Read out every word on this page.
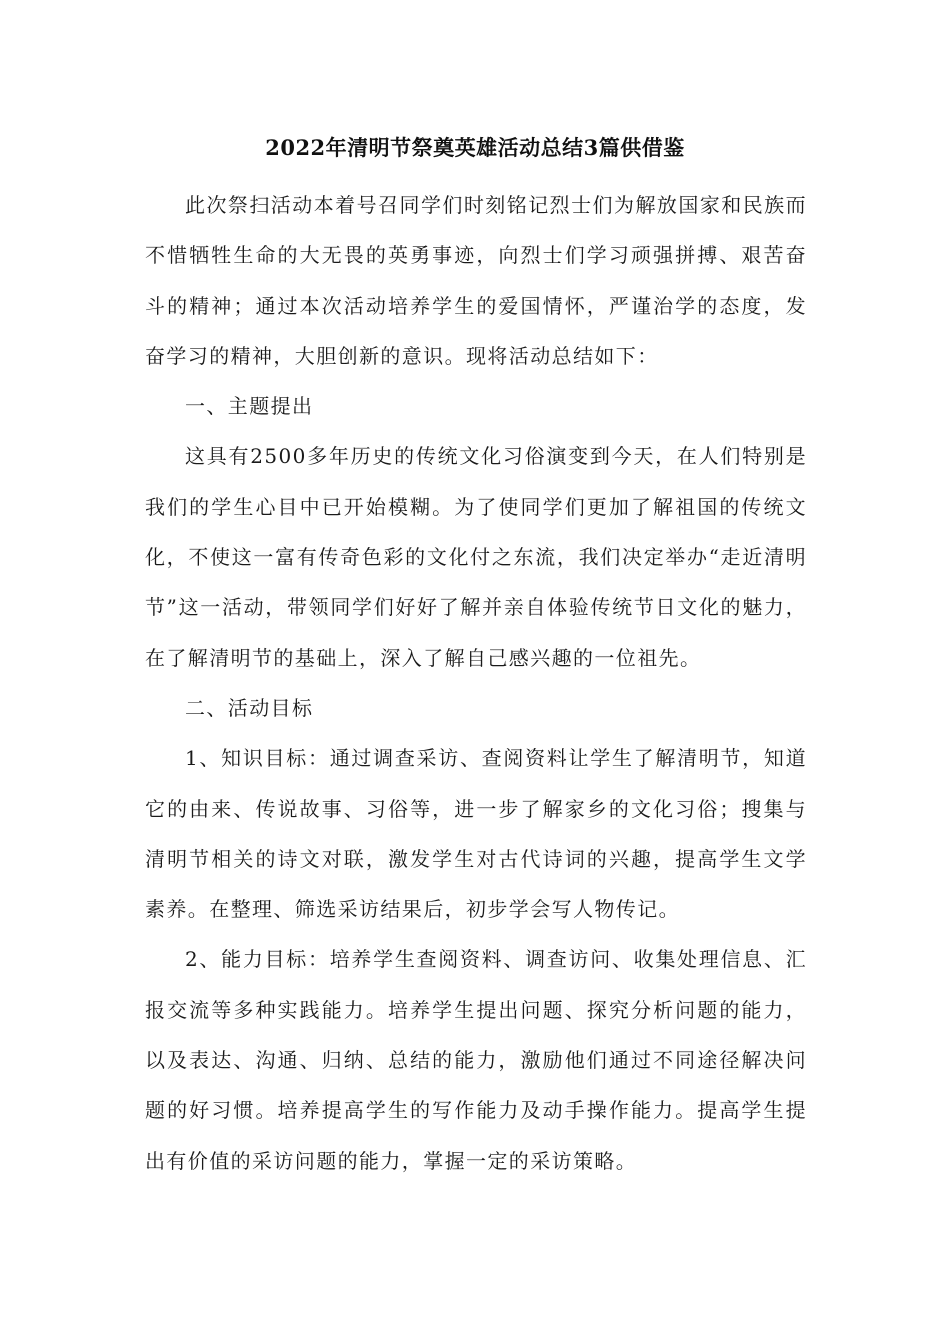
2022年清明节祭奠英雄活动总结3篇供借鉴

此次祭扫活动本着号召同学们时刻铭记烈士们为解放国家和民族而不惜牺牲生命的大无畏的英勇事迹，向烈士们学习顽强拼搏、艰苦奋斗的精神；通过本次活动培养学生的爱国情怀，严谨治学的态度，发奋学习的精神，大胆创新的意识。现将活动总结如下：

一、主题提出

这具有2500多年历史的传统文化习俗演变到今天，在人们特别是我们的学生心目中已开始模糊。为了使同学们更加了解祖国的传统文化，不使这一富有传奇色彩的文化付之东流，我们决定举办“走近清明节”这一活动，带领同学们好好了解并亲自体验传统节日文化的魅力，在了解清明节的基础上，深入了解自己感兴趣的一位祖先。

二、活动目标

1、知识目标：通过调查采访、查阅资料让学生了解清明节，知道它的由来、传说故事、习俗等，进一步了解家乡的文化习俗；搜集与清明节相关的诗文对联，激发学生对古代诗词的兴趣，提高学生文学素养。在整理、筛选采访结果后，初步学会写人物传记。

2、能力目标：培养学生查阅资料、调查访问、收集处理信息、汇报交流等多种实践能力。培养学生提出问题、探究分析问题的能力，以及表达、沟通、归纳、总结的能力，激励他们通过不同途径解决问题的好习惯。培养提高学生的写作能力及动手操作能力。提高学生提出有价值的采访问题的能力，掌握一定的采访策略。
